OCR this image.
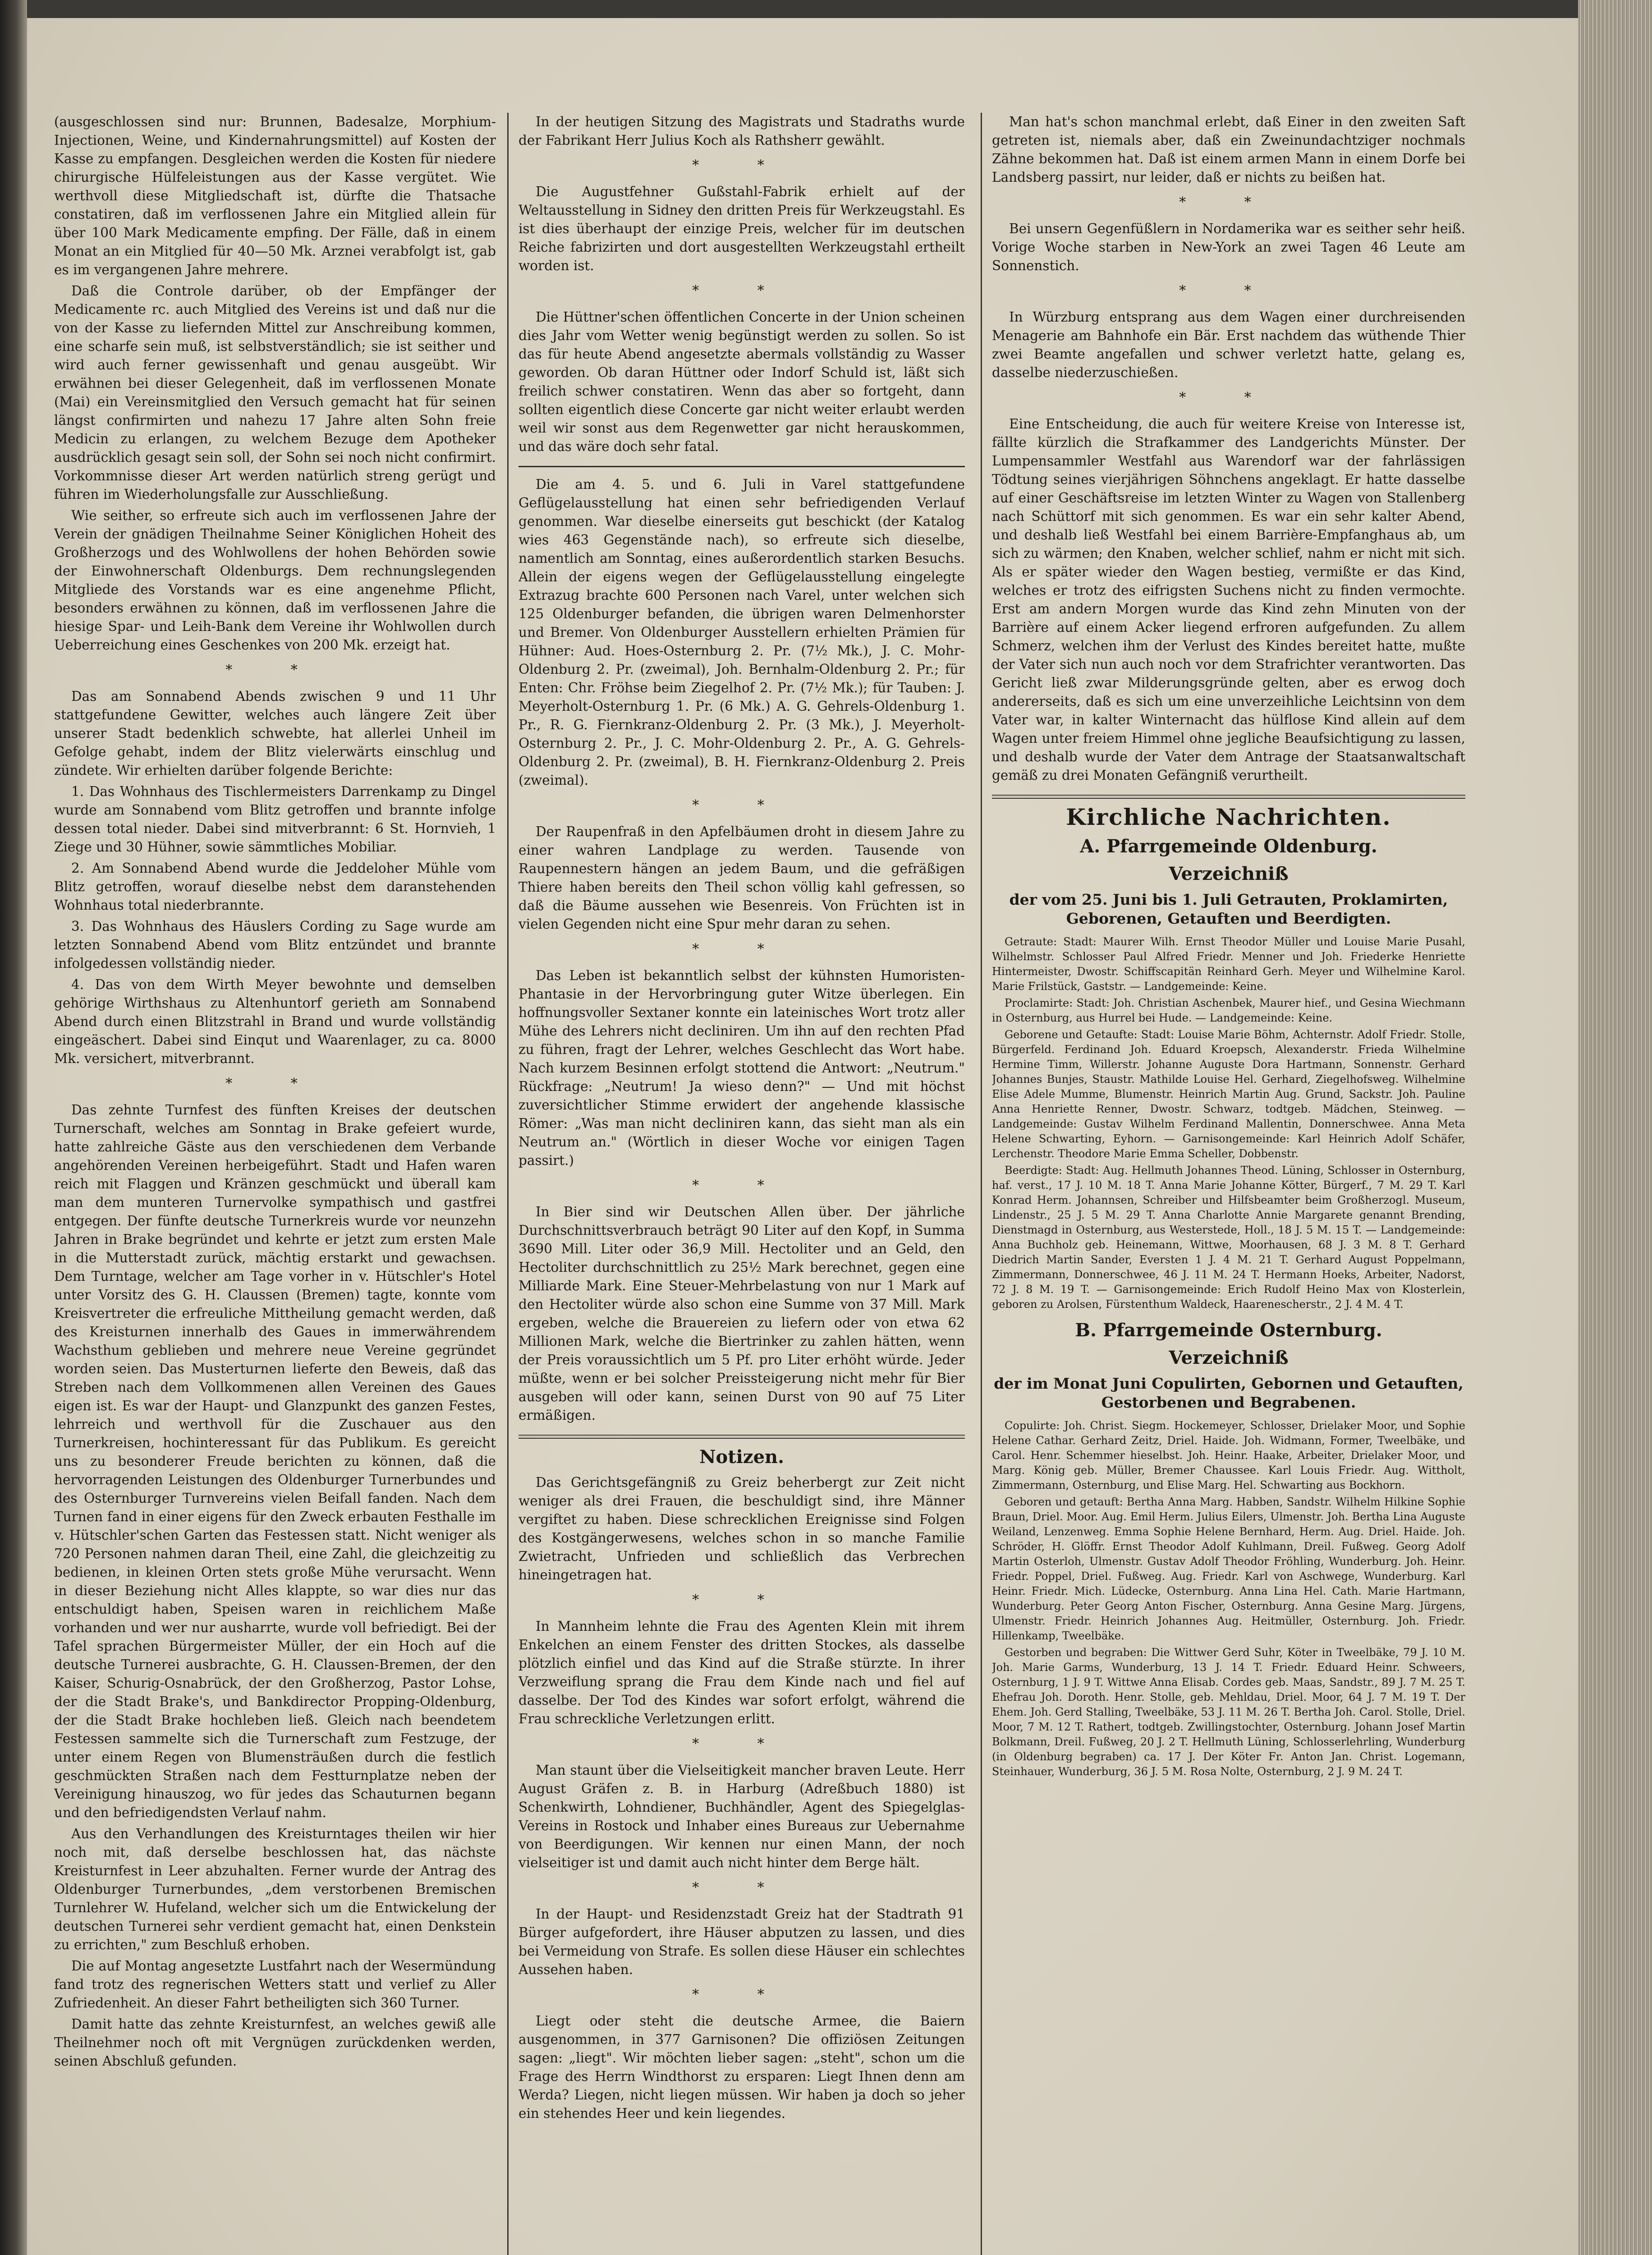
(ausgeschlossen sind nur: Brunnen, Badesalze, Morphium-Injectionen, Weine, und Kindernahrungsmittel) auf Kosten der Kasse zu empfangen. Desgleichen werden die Kosten für niedere chirurgische Hülfeleistungen aus der Kasse vergütet. Wie werthvoll diese Mitgliedschaft ist, dürfte die Thatsache constatiren, daß im verflossenen Jahre ein Mitglied allein für über 100 Mark Medicamente empfing. Der Fälle, daß in einem Monat an ein Mitglied für 40—50 Mk. Arznei verabfolgt ist, gab es im vergangenen Jahre mehrere.

Daß die Controle darüber, ob der Empfänger der Medicamente rc. auch Mitglied des Vereins ist und daß nur die von der Kasse zu liefernden Mittel zur Anschreibung kommen, eine scharfe sein muß, ist selbstverständlich; sie ist seither und wird auch ferner gewissenhaft und genau ausgeübt. Wir erwähnen bei dieser Gelegenheit, daß im verflossenen Monate (Mai) ein Vereinsmitglied den Versuch gemacht hat für seinen längst confirmirten und nahezu 17 Jahre alten Sohn freie Medicin zu erlangen, zu welchem Bezuge dem Apotheker ausdrücklich gesagt sein soll, der Sohn sei noch nicht confirmirt. Vorkommnisse dieser Art werden natürlich streng gerügt und führen im Wiederholungsfalle zur Ausschließung.

Wie seither, so erfreute sich auch im verflossenen Jahre der Verein der gnädigen Theilnahme Seiner Königlichen Hoheit des Großherzogs und des Wohlwollens der hohen Behörden sowie der Einwohnerschaft Oldenburgs. Dem rechnungslegenden Mitgliede des Vorstands war es eine angenehme Pflicht, besonders erwähnen zu können, daß im verflossenen Jahre die hiesige Spar- und Leih-Bank dem Vereine ihr Wohlwollen durch Ueberreichung eines Geschenkes von 200 Mk. erzeigt hat.

* *

Das am Sonnabend Abends zwischen 9 und 11 Uhr stattgefundene Gewitter, welches auch längere Zeit über unserer Stadt bedenklich schwebte, hat allerlei Unheil im Gefolge gehabt, indem der Blitz vielerwärts einschlug und zündete. Wir erhielten darüber folgende Berichte:

1. Das Wohnhaus des Tischlermeisters Darrenkamp zu Dingel wurde am Sonnabend vom Blitz getroffen und brannte infolge dessen total nieder. Dabei sind mitverbrannt: 6 St. Hornvieh, 1 Ziege und 30 Hühner, sowie sämmtliches Mobiliar.

2. Am Sonnabend Abend wurde die Jeddeloher Mühle vom Blitz getroffen, worauf dieselbe nebst dem daranstehenden Wohnhaus total niederbrannte.

3. Das Wohnhaus des Häuslers Cording zu Sage wurde am letzten Sonnabend Abend vom Blitz entzündet und brannte infolgedessen vollständig nieder.

4. Das von dem Wirth Meyer bewohnte und demselben gehörige Wirthshaus zu Altenhuntorf gerieth am Sonnabend Abend durch einen Blitzstrahl in Brand und wurde vollständig eingeäschert. Dabei sind Einqut und Waarenlager, zu ca. 8000 Mk. versichert, mitverbrannt.

* *

Das zehnte Turnfest des fünften Kreises der deutschen Turnerschaft, welches am Sonntag in Brake gefeiert wurde, hatte zahlreiche Gäste aus den verschiedenen dem Verbande angehörenden Vereinen herbeigeführt. Stadt und Hafen waren reich mit Flaggen und Kränzen geschmückt und überall kam man dem munteren Turnervolke sympathisch und gastfrei entgegen. Der fünfte deutsche Turnerkreis wurde vor neunzehn Jahren in Brake begründet und kehrte er jetzt zum ersten Male in die Mutterstadt zurück, mächtig erstarkt und gewachsen. Dem Turntage, welcher am Tage vorher in v. Hütschler's Hotel unter Vorsitz des G. H. Claussen (Bremen) tagte, konnte vom Kreisvertreter die erfreuliche Mittheilung gemacht werden, daß des Kreisturnen innerhalb des Gaues in immerwährendem Wachsthum geblieben und mehrere neue Vereine gegründet worden seien. Das Musterturnen lieferte den Beweis, daß das Streben nach dem Vollkommenen allen Vereinen des Gaues eigen ist. Es war der Haupt- und Glanzpunkt des ganzen Festes, lehrreich und werthvoll für die Zuschauer aus den Turnerkreisen, hochinteressant für das Publikum. Es gereicht uns zu besonderer Freude berichten zu können, daß die hervorragenden Leistungen des Oldenburger Turnerbundes und des Osternburger Turnvereins vielen Beifall fanden. Nach dem Turnen fand in einer eigens für den Zweck erbauten Festhalle im v. Hütschler'schen Garten das Festessen statt. Nicht weniger als 720 Personen nahmen daran Theil, eine Zahl, die gleichzeitig zu bedienen, in kleinen Orten stets große Mühe verursacht. Wenn in dieser Beziehung nicht Alles klappte, so war dies nur das entschuldigt haben, Speisen waren in reichlichem Maße vorhanden und wer nur ausharrte, wurde voll befriedigt. Bei der Tafel sprachen Bürgermeister Müller, der ein Hoch auf die deutsche Turnerei ausbrachte, G. H. Claussen-Bremen, der den Kaiser, Schurig-Osnabrück, der den Großherzog, Pastor Lohse, der die Stadt Brake's, und Bankdirector Propping-Oldenburg, der die Stadt Brake hochleben ließ. Gleich nach beendetem Festessen sammelte sich die Turnerschaft zum Festzuge, der unter einem Regen von Blumensträußen durch die festlich geschmückten Straßen nach dem Festturnplatze neben der Vereinigung hinauszog, wo für jedes das Schauturnen begann und den befriedigendsten Verlauf nahm.

Aus den Verhandlungen des Kreisturntages theilen wir hier noch mit, daß derselbe beschlossen hat, das nächste Kreisturnfest in Leer abzuhalten. Ferner wurde der Antrag des Oldenburger Turnerbundes, „dem verstorbenen Bremischen Turnlehrer W. Hufeland, welcher sich um die Entwickelung der deutschen Turnerei sehr verdient gemacht hat, einen Denkstein zu errichten," zum Beschluß erhoben.

Die auf Montag angesetzte Lustfahrt nach der Wesermündung fand trotz des regnerischen Wetters statt und verlief zu Aller Zufriedenheit. An dieser Fahrt betheiligten sich 360 Turner.

Damit hatte das zehnte Kreisturnfest, an welches gewiß alle Theilnehmer noch oft mit Vergnügen zurückdenken werden, seinen Abschluß gefunden.

In der heutigen Sitzung des Magistrats und Stadraths wurde der Fabrikant Herr Julius Koch als Rathsherr gewählt.

* *

Die Augustfehner Gußstahl-Fabrik erhielt auf der Weltausstellung in Sidney den dritten Preis für Werkzeugstahl. Es ist dies überhaupt der einzige Preis, welcher für im deutschen Reiche fabrizirten und dort ausgestellten Werkzeugstahl ertheilt worden ist.

* *

Die Hüttner'schen öffentlichen Concerte in der Union scheinen dies Jahr vom Wetter wenig begünstigt werden zu sollen. So ist das für heute Abend angesetzte abermals vollständig zu Wasser geworden. Ob daran Hüttner oder Indorf Schuld ist, läßt sich freilich schwer constatiren. Wenn das aber so fortgeht, dann sollten eigentlich diese Concerte gar nicht weiter erlaubt werden weil wir sonst aus dem Regenwetter gar nicht herauskommen, und das wäre doch sehr fatal.

Die am 4. 5. und 6. Juli in Varel stattgefundene Geflügelausstellung hat einen sehr befriedigenden Verlauf genommen. War dieselbe einerseits gut beschickt (der Katalog wies 463 Gegenstände nach), so erfreute sich dieselbe, namentlich am Sonntag, eines außerordentlich starken Besuchs. Allein der eigens wegen der Geflügelausstellung eingelegte Extrazug brachte 600 Personen nach Varel, unter welchen sich 125 Oldenburger befanden, die übrigen waren Delmenhorster und Bremer. Von Oldenburger Ausstellern erhielten Prämien für Hühner: Aud. Hoes-Osternburg 2. Pr. (7½ Mk.), J. C. Mohr-Oldenburg 2. Pr. (zweimal), Joh. Bernhalm-Oldenburg 2. Pr.; für Enten: Chr. Fröhse beim Ziegelhof 2. Pr. (7½ Mk.); für Tauben: J. Meyerholt-Osternburg 1. Pr. (6 Mk.) A. G. Gehrels-Oldenburg 1. Pr., R. G. Fiernkranz-Oldenburg 2. Pr. (3 Mk.), J. Meyerholt-Osternburg 2. Pr., J. C. Mohr-Oldenburg 2. Pr., A. G. Gehrels-Oldenburg 2. Pr. (zweimal), B. H. Fiernkranz-Oldenburg 2. Preis (zweimal).

* *

Der Raupenfraß in den Apfelbäumen droht in diesem Jahre zu einer wahren Landplage zu werden. Tausende von Raupennestern hängen an jedem Baum, und die gefräßigen Thiere haben bereits den Theil schon völlig kahl gefressen, so daß die Bäume aussehen wie Besenreis. Von Früchten ist in vielen Gegenden nicht eine Spur mehr daran zu sehen.

* *

Das Leben ist bekanntlich selbst der kühnsten Humoristen-Phantasie in der Hervorbringung guter Witze überlegen. Ein hoffnungsvoller Sextaner konnte ein lateinisches Wort trotz aller Mühe des Lehrers nicht decliniren. Um ihn auf den rechten Pfad zu führen, fragt der Lehrer, welches Geschlecht das Wort habe. Nach kurzem Besinnen erfolgt stottend die Antwort: „Neutrum." Rückfrage: „Neutrum! Ja wieso denn?" — Und mit höchst zuversichtlicher Stimme erwidert der angehende klassische Römer: „Was man nicht decliniren kann, das sieht man als ein Neutrum an." (Wörtlich in dieser Woche vor einigen Tagen passirt.)

* *

In Bier sind wir Deutschen Allen über. Der jährliche Durchschnittsverbrauch beträgt 90 Liter auf den Kopf, in Summa 3690 Mill. Liter oder 36,9 Mill. Hectoliter und an Geld, den Hectoliter durchschnittlich zu 25½ Mark berechnet, gegen eine Milliarde Mark. Eine Steuer-Mehrbelastung von nur 1 Mark auf den Hectoliter würde also schon eine Summe von 37 Mill. Mark ergeben, welche die Brauereien zu liefern oder von etwa 62 Millionen Mark, welche die Biertrinker zu zahlen hätten, wenn der Preis voraussichtlich um 5 Pf. pro Liter erhöht würde. Jeder müßte, wenn er bei solcher Preissteigerung nicht mehr für Bier ausgeben will oder kann, seinen Durst von 90 auf 75 Liter ermäßigen.

Notizen.

Das Gerichtsgefängniß zu Greiz beherbergt zur Zeit nicht weniger als drei Frauen, die beschuldigt sind, ihre Männer vergiftet zu haben. Diese schrecklichen Ereignisse sind Folgen des Kostgängerwesens, welches schon in so manche Familie Zwietracht, Unfrieden und schließlich das Verbrechen hineingetragen hat.

* *

In Mannheim lehnte die Frau des Agenten Klein mit ihrem Enkelchen an einem Fenster des dritten Stockes, als dasselbe plötzlich einfiel und das Kind auf die Straße stürzte. In ihrer Verzweiflung sprang die Frau dem Kinde nach und fiel auf dasselbe. Der Tod des Kindes war sofort erfolgt, während die Frau schreckliche Verletzungen erlitt.

* *

Man staunt über die Vielseitigkeit mancher braven Leute. Herr August Gräfen z. B. in Harburg (Adreßbuch 1880) ist Schenkwirth, Lohndiener, Buchhändler, Agent des Spiegelglas-Vereins in Rostock und Inhaber eines Bureaus zur Uebernahme von Beerdigungen. Wir kennen nur einen Mann, der noch vielseitiger ist und damit auch nicht hinter dem Berge hält.

* *

In der Haupt- und Residenzstadt Greiz hat der Stadtrath 91 Bürger aufgefordert, ihre Häuser abputzen zu lassen, und dies bei Vermeidung von Strafe. Es sollen diese Häuser ein schlechtes Aussehen haben.

* *

Liegt oder steht die deutsche Armee, die Baiern ausgenommen, in 377 Garnisonen? Die offiziösen Zeitungen sagen: „liegt". Wir möchten lieber sagen: „steht", schon um die Frage des Herrn Windthorst zu ersparen: Liegt Ihnen denn am Werda? Liegen, nicht liegen müssen. Wir haben ja doch so jeher ein stehendes Heer und kein liegendes.

Man hat's schon manchmal erlebt, daß Einer in den zweiten Saft getreten ist, niemals aber, daß ein Zweinundachtziger nochmals Zähne bekommen hat. Daß ist einem armen Mann in einem Dorfe bei Landsberg passirt, nur leider, daß er nichts zu beißen hat.

* *

Bei unsern Gegenfüßlern in Nordamerika war es seither sehr heiß. Vorige Woche starben in New-York an zwei Tagen 46 Leute am Sonnenstich.

* *

In Würzburg entsprang aus dem Wagen einer durchreisenden Menagerie am Bahnhofe ein Bär. Erst nachdem das wüthende Thier zwei Beamte angefallen und schwer verletzt hatte, gelang es, dasselbe niederzuschießen.

* *

Eine Entscheidung, die auch für weitere Kreise von Interesse ist, fällte kürzlich die Strafkammer des Landgerichts Münster. Der Lumpensammler Westfahl aus Warendorf war der fahrlässigen Tödtung seines vierjährigen Söhnchens angeklagt. Er hatte dasselbe auf einer Geschäftsreise im letzten Winter zu Wagen von Stallenberg nach Schüttorf mit sich genommen. Es war ein sehr kalter Abend, und deshalb ließ Westfahl bei einem Barrière-Empfanghaus ab, um sich zu wärmen; den Knaben, welcher schlief, nahm er nicht mit sich. Als er später wieder den Wagen bestieg, vermißte er das Kind, welches er trotz des eifrigsten Suchens nicht zu finden vermochte. Erst am andern Morgen wurde das Kind zehn Minuten von der Barrière auf einem Acker liegend erfroren aufgefunden. Zu allem Schmerz, welchen ihm der Verlust des Kindes bereitet hatte, mußte der Vater sich nun auch noch vor dem Strafrichter verantworten. Das Gericht ließ zwar Milderungsgründe gelten, aber es erwog doch andererseits, daß es sich um eine unverzeihliche Leichtsinn von dem Vater war, in kalter Winternacht das hülflose Kind allein auf dem Wagen unter freiem Himmel ohne jegliche Beaufsichtigung zu lassen, und deshalb wurde der Vater dem Antrage der Staatsanwaltschaft gemäß zu drei Monaten Gefängniß verurtheilt.

Kirchliche Nachrichten.
A. Pfarrgemeinde Oldenburg.
Verzeichniß
der vom 25. Juni bis 1. Juli Getrauten, Proklamirten, Geborenen, Getauften und Beerdigten.

Getraute: Stadt: Maurer Wilh. Ernst Theodor Müller und Louise Marie Pusahl, Wilhelmstr. Schlosser Paul Alfred Friedr. Menner und Joh. Friederke Henriette Hintermeister, Dwostr. Schiffscapitän Reinhard Gerh. Meyer und Wilhelmine Karol. Marie Frilstück, Gaststr. — Landgemeinde: Keine.

Proclamirte: Stadt: Joh. Christian Aschenbek, Maurer hief., und Gesina Wiechmann in Osternburg, aus Hurrel bei Hude. — Landgemeinde: Keine.

Geborene und Getaufte: Stadt: Louise Marie Böhm, Achternstr. Adolf Friedr. Stolle, Bürgerfeld. Ferdinand Joh. Eduard Kroepsch, Alexanderstr. Frieda Wilhelmine Hermine Timm, Willerstr. Johanne Auguste Dora Hartmann, Sonnenstr. Gerhard Johannes Bunjes, Staustr. Mathilde Louise Hel. Gerhard, Ziegelhofsweg. Wilhelmine Elise Adele Mumme, Blumenstr. Heinrich Martin Aug. Grund, Sackstr. Joh. Pauline Anna Henriette Renner, Dwostr. Schwarz, todtgeb. Mädchen, Steinweg. — Landgemeinde: Gustav Wilhelm Ferdinand Mallentin, Donnerschwee. Anna Meta Helene Schwarting, Eyhorn. — Garnisongemeinde: Karl Heinrich Adolf Schäfer, Lerchenstr. Theodore Marie Emma Scheller, Dobbenstr.

Beerdigte: Stadt: Aug. Hellmuth Johannes Theod. Lüning, Schlosser in Osternburg, haf. verst., 17 J. 10 M. 18 T. Anna Marie Johanne Kötter, Bürgerf., 7 M. 29 T. Karl Konrad Herm. Johannsen, Schreiber und Hilfsbeamter beim Großherzogl. Museum, Lindenstr., 25 J. 5 M. 29 T. Anna Charlotte Annie Margarete genannt Brending, Dienstmagd in Osternburg, aus Westerstede, Holl., 18 J. 5 M. 15 T. — Landgemeinde: Anna Buchholz geb. Heinemann, Wittwe, Moorhausen, 68 J. 3 M. 8 T. Gerhard Diedrich Martin Sander, Eversten 1 J. 4 M. 21 T. Gerhard August Poppelmann, Zimmermann, Donnerschwee, 46 J. 11 M. 24 T. Hermann Hoeks, Arbeiter, Nadorst, 72 J. 8 M. 19 T. — Garnisongemeinde: Erich Rudolf Heino Max von Klosterlein, geboren zu Arolsen, Fürstenthum Waldeck, Haarenescherstr., 2 J. 4 M. 4 T.

B. Pfarrgemeinde Osternburg.
Verzeichniß
der im Monat Juni Copulirten, Gebornen und Getauften, Gestorbenen und Begrabenen.

Copulirte: Joh. Christ. Siegm. Hockemeyer, Schlosser, Drielaker Moor, und Sophie Helene Cathar. Gerhard Zeitz, Driel. Haide. Joh. Widmann, Former, Tweelbäke, und Carol. Henr. Schemmer hieselbst. Joh. Heinr. Haake, Arbeiter, Drielaker Moor, und Marg. König geb. Müller, Bremer Chaussee. Karl Louis Friedr. Aug. Wittholt, Zimmermann, Osternburg, und Elise Marg. Hel. Schwarting aus Bockhorn.

Geboren und getauft: Bertha Anna Marg. Habben, Sandstr. Wilhelm Hilkine Sophie Braun, Driel. Moor. Aug. Emil Herm. Julius Eilers, Ulmenstr. Joh. Bertha Lina Auguste Weiland, Lenzenweg. Emma Sophie Helene Bernhard, Herm. Aug. Driel. Haide. Joh. Schröder, H. Glöffr. Ernst Theodor Adolf Kuhlmann, Dreil. Fußweg. Georg Adolf Martin Osterloh, Ulmenstr. Gustav Adolf Theodor Fröhling, Wunderburg. Joh. Heinr. Friedr. Poppel, Driel. Fußweg. Aug. Friedr. Karl von Aschwege, Wunderburg. Karl Heinr. Friedr. Mich. Lüdecke, Osternburg. Anna Lina Hel. Cath. Marie Hartmann, Wunderburg. Peter Georg Anton Fischer, Osternburg. Anna Gesine Marg. Jürgens, Ulmenstr. Friedr. Heinrich Johannes Aug. Heitmüller, Osternburg. Joh. Friedr. Hillenkamp, Tweelbäke.

Gestorben und begraben: Die Wittwer Gerd Suhr, Köter in Tweelbäke, 79 J. 10 M. Joh. Marie Garms, Wunderburg, 13 J. 14 T. Friedr. Eduard Heinr. Schweers, Osternburg, 1 J. 9 T. Wittwe Anna Elisab. Cordes geb. Maas, Sandstr., 89 J. 7 M. 25 T. Ehefrau Joh. Doroth. Henr. Stolle, geb. Mehldau, Driel. Moor, 64 J. 7 M. 19 T. Der Ehem. Joh. Gerd Stalling, Tweelbäke, 53 J. 11 M. 26 T. Bertha Joh. Carol. Stolle, Driel. Moor, 7 M. 12 T. Rathert, todtgeb. Zwillingstochter, Osternburg. Johann Josef Martin Bolkmann, Dreil. Fußweg, 20 J. 2 T. Hellmuth Lüning, Schlosserlehrling, Wunderburg (in Oldenburg begraben) ca. 17 J. Der Köter Fr. Anton Jan. Christ. Logemann, Steinhauer, Wunderburg, 36 J. 5 M. Rosa Nolte, Osternburg, 2 J. 9 M. 24 T.
